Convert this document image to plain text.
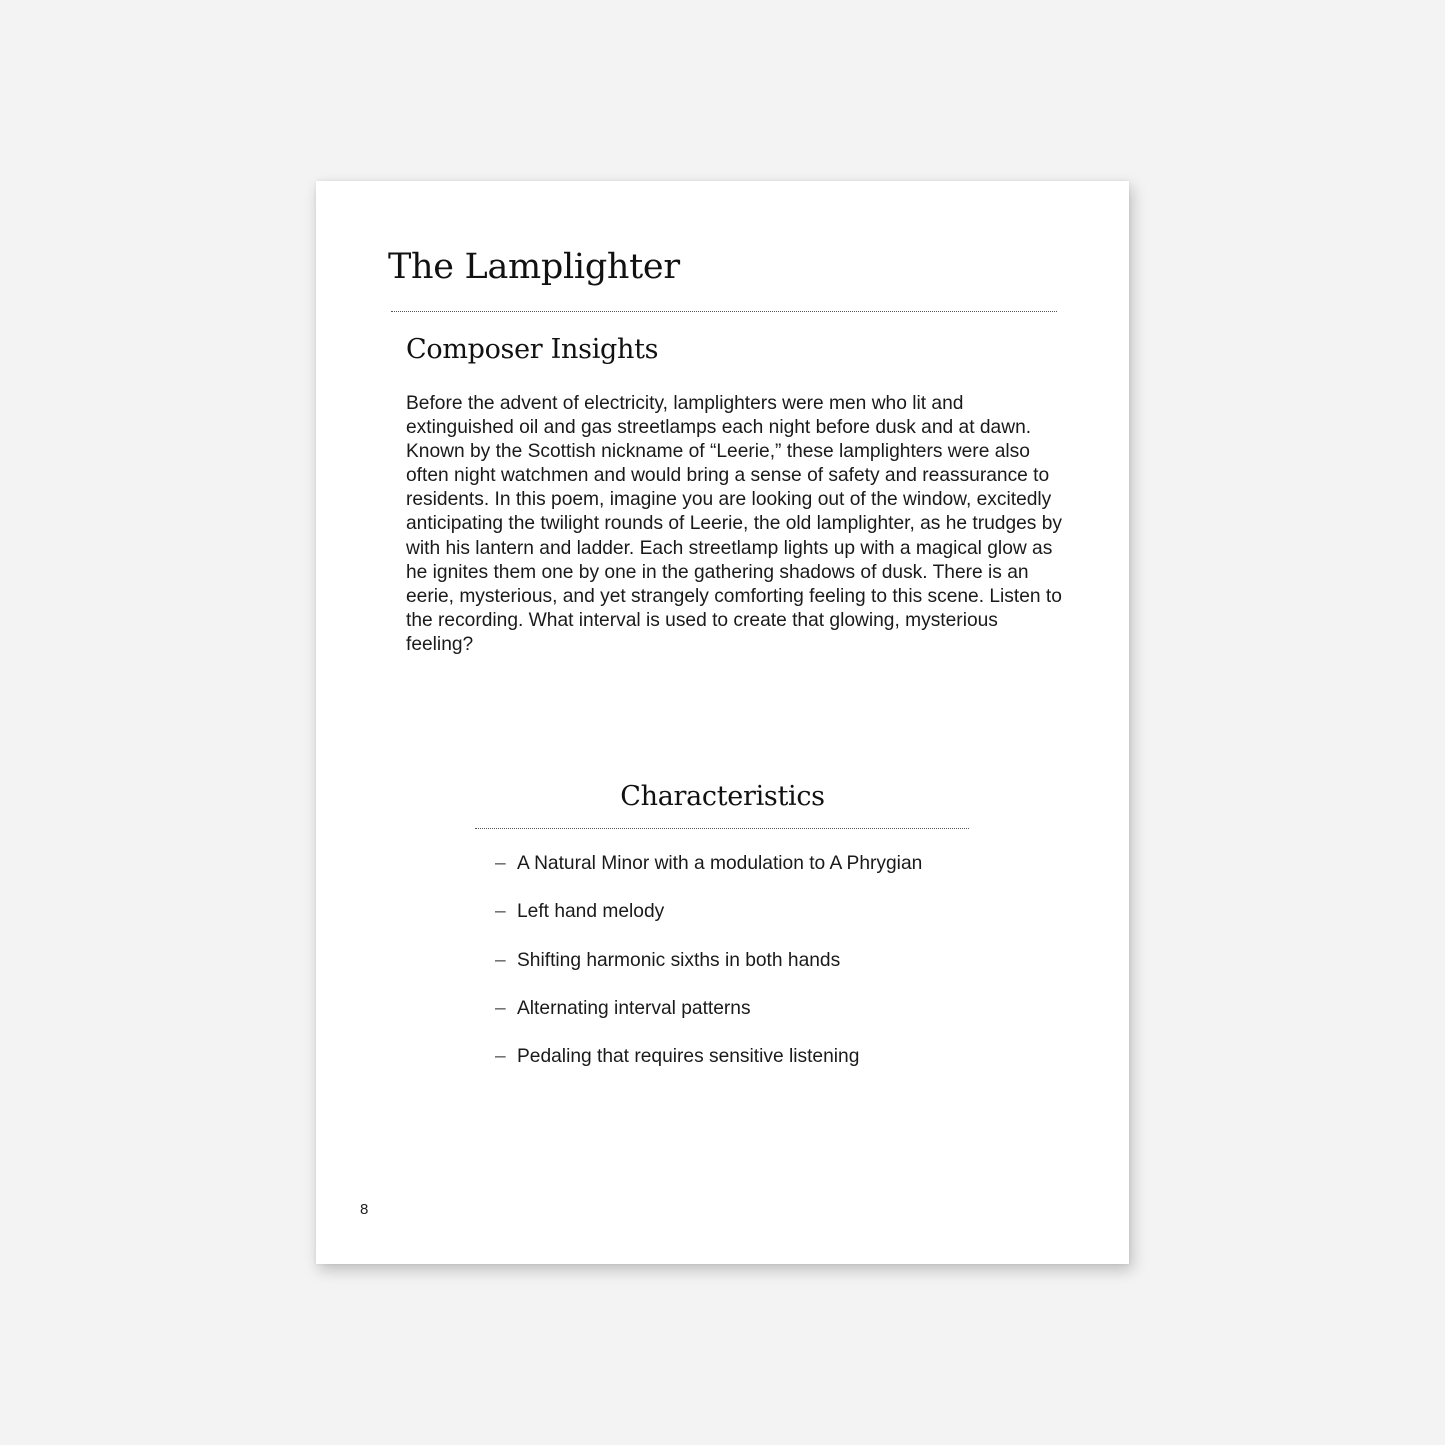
The Lamplighter
Composer Insights

Before the advent of electricity, lamplighters were men who lit and extinguished oil and gas streetlamps each night before dusk and at dawn. Known by the Scottish nickname of “Leerie,” these lamplighters were also often night watchmen and would bring a sense of safety and reassurance to residents. In this poem, imagine you are looking out of the window, excitedly anticipating the twilight rounds of Leerie, the old lamplighter, as he trudges by with his lantern and ladder. Each streetlamp lights up with a magical glow as he ignites them one by one in the gathering shadows of dusk. There is an eerie, mysterious, and yet strangely comforting feeling to this scene. Listen to the recording. What interval is used to create that glowing, mysterious feeling?

Characteristics
– A Natural Minor with a modulation to A Phrygian
– Left hand melody
– Shifting harmonic sixths in both hands
– Alternating interval patterns
– Pedaling that requires sensitive listening
8
